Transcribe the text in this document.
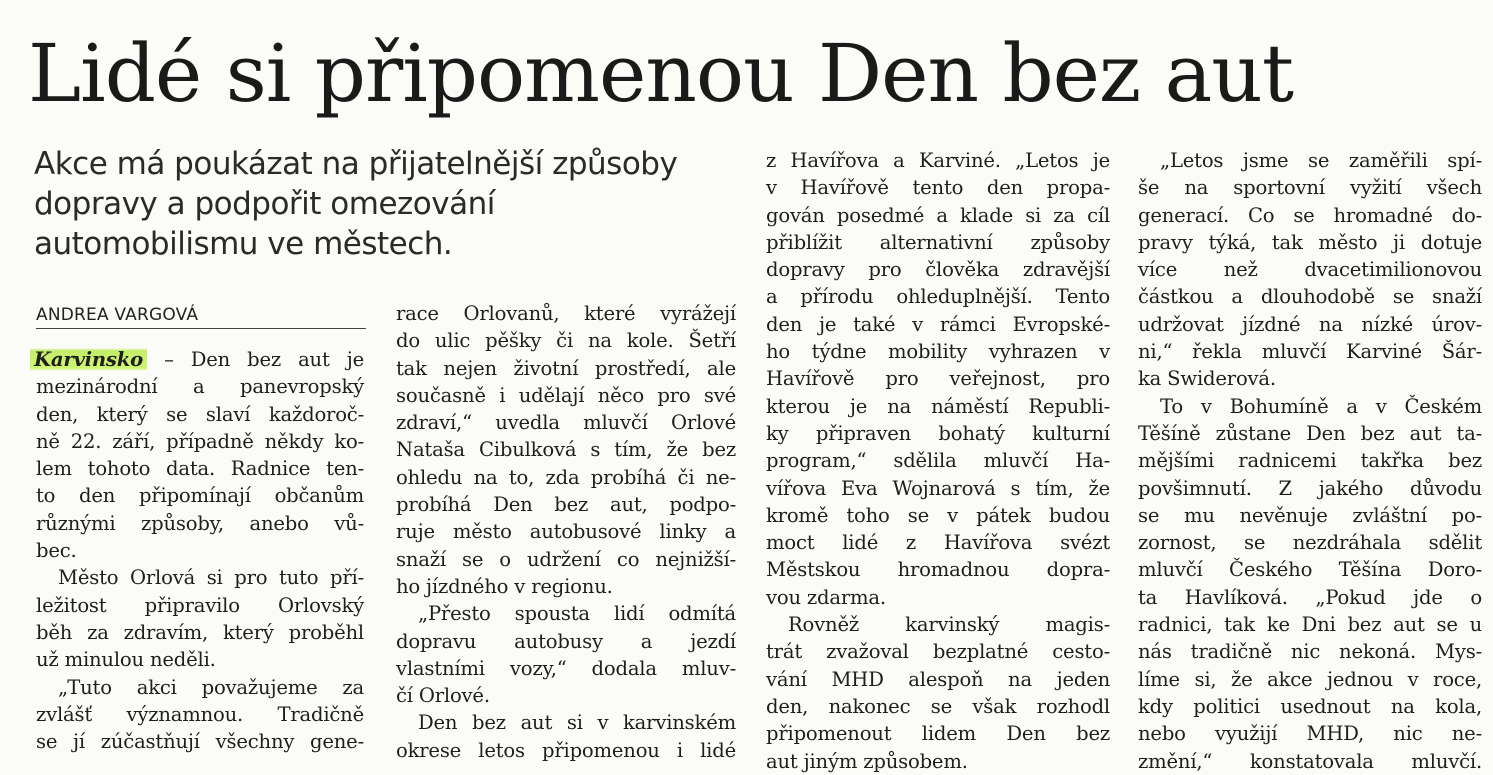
Lidé si připomenou Den bez aut

Akce má poukázat na přijatelnější způsoby

dopravy a podpořit omezování

automobilismu ve městech.

ANDREA VARGOVÁ
Karvinsko – Den bez aut je
mezinárodní a panevropský
den, který se slaví každoroč-
ně 22. září, případně někdy ko-
lem tohoto data. Radnice ten-
to den připomínají občanům
různými způsoby, anebo vů-
bec.
Město Orlová si pro tuto pří-
ležitost připravilo Orlovský
běh za zdravím, který proběhl
už minulou neděli.
„Tuto akci považujeme za
zvlášť významnou. Tradičně
se jí zúčastňují všechny gene-
race Orlovanů, které vyrážejí
do ulic pěšky či na kole. Šetří
tak nejen životní prostředí, ale
současně i udělají něco pro své
zdraví,“ uvedla mluvčí Orlové
Nataša Cibulková s tím, že bez
ohledu na to, zda probíhá či ne-
probíhá Den bez aut, podpo-
ruje město autobusové linky a
snaží se o udržení co nejnižší-
ho jízdného v regionu.
„Přesto spousta lidí odmítá
dopravu autobusy a jezdí
vlastními vozy,“ dodala mluv-
čí Orlové.
Den bez aut si v karvinském
okrese letos připomenou i lidé
z Havířova a Karviné. „Letos je
v Havířově tento den propa-
gován posedmé a klade si za cíl
přiblížit alternativní způsoby
dopravy pro člověka zdravější
a přírodu ohleduplnější. Tento
den je také v rámci Evropské-
ho týdne mobility vyhrazen v
Havířově pro veřejnost, pro
kterou je na náměstí Republi-
ky připraven bohatý kulturní
program,“ sdělila mluvčí Ha-
vířova Eva Wojnarová s tím, že
kromě toho se v pátek budou
moct lidé z Havířova svézt
Městskou hromadnou dopra-
vou zdarma.
Rovněž karvinský magis-
trát zvažoval bezplatné cesto-
vání MHD alespoň na jeden
den, nakonec se však rozhodl
připomenout lidem Den bez
aut jiným způsobem.
„Letos jsme se zaměřili spí-
še na sportovní vyžití všech
generací. Co se hromadné do-
pravy týká, tak město ji dotuje
více než dvacetimilionovou
částkou a dlouhodobě se snaží
udržovat jízdné na nízké úrov-
ni,“ řekla mluvčí Karviné Šár-
ka Swiderová.
To v Bohumíně a v Českém
Těšíně zůstane Den bez aut ta-
mějšími radnicemi takřka bez
povšimnutí. Z jakého důvodu
se mu nevěnuje zvláštní po-
zornost, se nezdráhala sdělit
mluvčí Českého Těšína Doro-
ta Havlíková. „Pokud jde o
radnici, tak ke Dni bez aut se u
nás tradičně nic nekoná. Mys-
líme si, že akce jednou v roce,
kdy politici usednout na kola,
nebo využijí MHD, nic ne-
změní,“ konstatovala mluvčí.
